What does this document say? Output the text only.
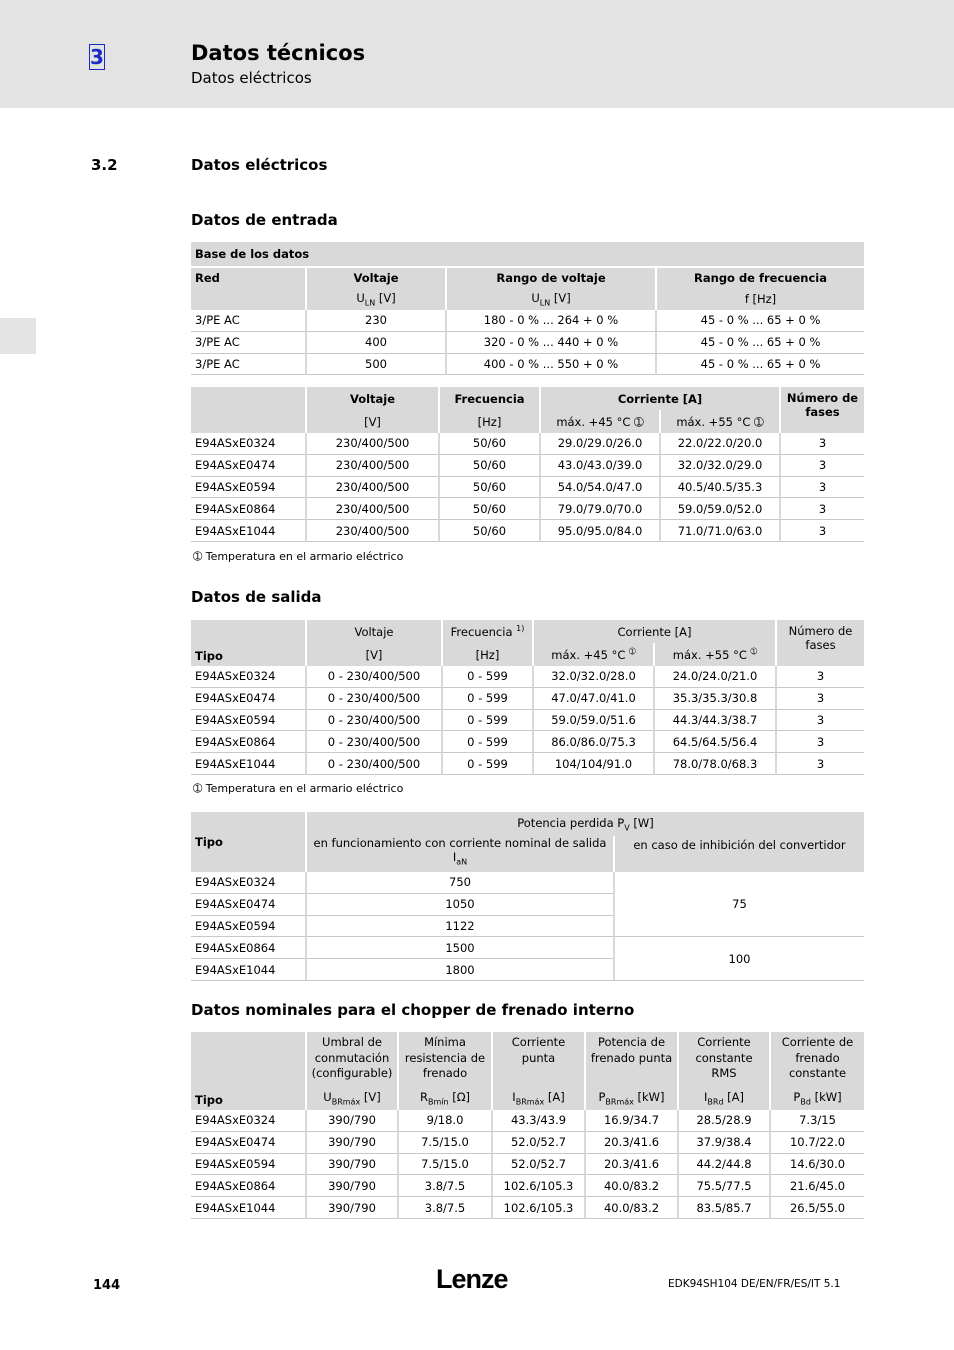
3	Datos técnicos
Datos eléctricos
3.2	Datos eléctricos
Datos de entrada
Base de los datos			
Red	Voltaje	Rango de voltaje	Rango de frecuencia
	$U_{LN}$ [V]	$U_{LN}$ [V]	f [Hz]
3/PE AC	230	180 - 0 % ... 264 + 0 %	45 - 0 % ... 65 + 0 %
3/PE AC	400	320 - 0 % ... 440 + 0 %	45 - 0 % ... 65 + 0 %
3/PE AC	500	400 - 0 % ... 550 + 0 %	45 - 0 % ... 65 + 0 %
	Voltaje	Frecuencia	Corriente [A]		Número de fases
	[V]	[Hz]	máx. +45 °C ➀	máx. +55 °C ➀	
E94ASxE0324	230/400/500	50/60	29.0/29.0/26.0	22.0/22.0/20.0	3
E94ASxE0474	230/400/500	50/60	43.0/43.0/39.0	32.0/32.0/29.0	3
E94ASxE0594	230/400/500	50/60	54.0/54.0/47.0	40.5/40.5/35.3	3
E94ASxE0864	230/400/500	50/60	79.0/79.0/70.0	59.0/59.0/52.0	3
E94ASxE1044	230/400/500	50/60	95.0/95.0/84.0	71.0/71.0/63.0	3
➀ Temperatura en el armario eléctrico
Datos de salida
Tipo	Voltaje	Frecuencia $^{1)}$	Corriente [A]		Número de fases
	[V]	[Hz]	máx. +45 °C $^➀$	máx. +55 °C $^➀$
E94ASxE0324	0 - 230/400/500	0 - 599	32.0/32.0/28.0	24.0/24.0/21.0	3
E94ASxE0474	0 - 230/400/500	0 - 599	47.0/47.0/41.0	35.3/35.3/30.8	3
E94ASxE0594	0 - 230/400/500	0 - 599	59.0/59.0/51.6	44.3/44.3/38.7	3
E94ASxE0864	0 - 230/400/500	0 - 599	86.0/86.0/75.3	64.5/64.5/56.4	3
E94ASxE1044	0 - 230/400/500	0 - 599	104/104/91.0	78.0/78.0/68.3	3
➀ Temperatura en el armario eléctrico
Tipo	Potencia perdida $P_V$ [W]	
	en funcionamiento con corriente nominal de salida $I_{aN}$	en caso de inhibición del convertidor
E94ASxE0324	750	75
E94ASxE0474	1050	
E94ASxE0594	1122	
E94ASxE0864	1500	100
E94ASxE1044	1800	
Datos nominales para el chopper de frenado interno
Tipo	Umbral de conmutación (configurable)	Mínima resistencia de frenado	Corriente punta	Potencia de frenado punta	Corriente constante RMS	Corriente de frenado constante
	$U_{BRmáx}$ [V]	$R_{Bmín}$ [Ω]	$I_{BRmáx}$ [A]	$P_{BRmáx}$ [kW]	$I_{BRd}$ [A]	$P_{Bd}$ [kW]
E94ASxE0324	390/790	9/18.0	43.3/43.9	16.9/34.7	28.5/28.9	7.3/15
E94ASxE0474	390/790	7.5/15.0	52.0/52.7	20.3/41.6	37.9/38.4	10.7/22.0
E94ASxE0594	390/790	7.5/15.0	52.0/52.7	20.3/41.6	44.2/44.8	14.6/30.0
E94ASxE0864	390/790	3.8/7.5	102.6/105.3	40.0/83.2	75.5/77.5	21.6/45.0
E94ASxE1044	390/790	3.8/7.5	102.6/105.3	40.0/83.2	83.5/85.7	26.5/55.0
144	Lenze	EDK94SH104 DE/EN/FR/ES/IT 5.1
